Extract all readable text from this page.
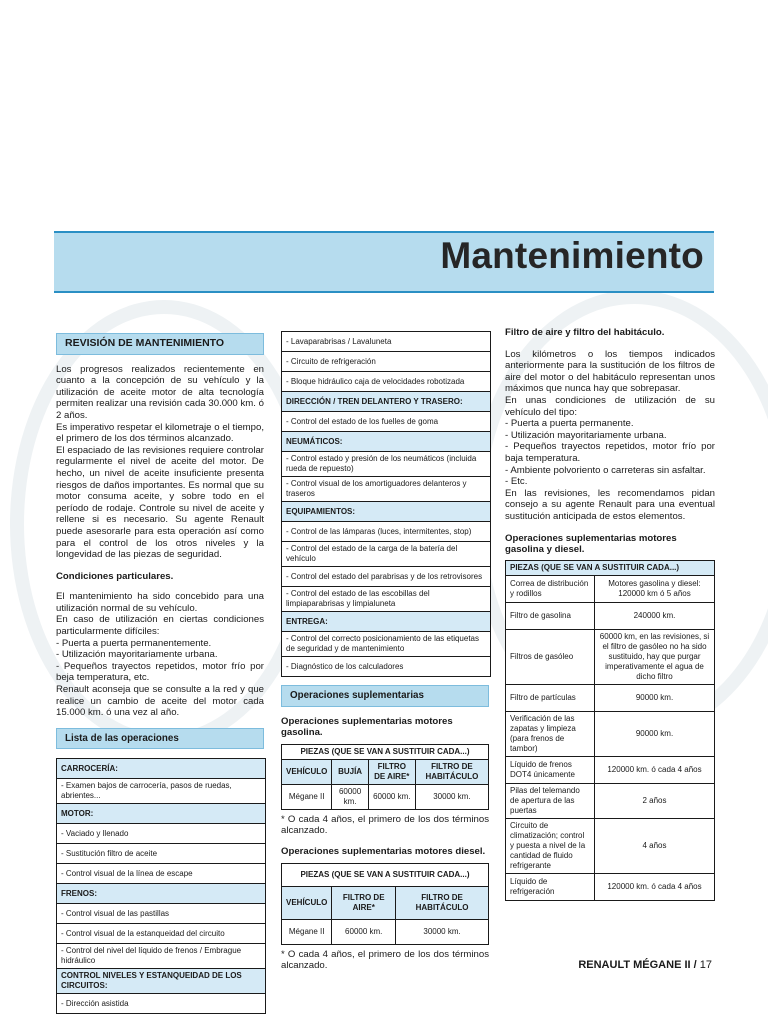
Mantenimiento
REVISIÓN DE MANTENIMIENTO

Los progresos realizados recientemente en cuanto a la concepción de su vehículo y la utilización de aceite motor de alta tecnología permiten realizar una revisión cada 30.000 km. ó 2 años.

Es imperativo respetar el kilometraje o el tiempo, el primero de los dos términos alcanzado.

El espaciado de las revisiones requiere controlar regularmente el nivel de aceite del motor. De hecho, un nivel de aceite insuficiente presenta riesgos de daños importantes. Es normal que su motor consuma aceite, y sobre todo en el período de rodaje. Controle su nivel de aceite y rellene si es necesario. Su agente Renault puede asesorarle para esta operación así como para el control de los otros niveles y la longevidad de las piezas de seguridad.

Condiciones particulares.

El mantenimiento ha sido concebido para una utilización normal de su vehículo.

En caso de utilización en ciertas condiciones particularmente difíciles:

- Puerta a puerta permanentemente.

- Utilización mayoritariamente urbana.

- Pequeños trayectos repetidos, motor frío por beja temperatura, etc.

Renault aconseja que se consulte a la red y que realice un cambio de aceite del motor cada 15.000 km. ó una vez al año.

Lista de las operaciones
CARROCERÍA:
- Examen bajos de carrocería, pasos de ruedas, abrientes...
MOTOR:
- Vaciado y llenado
- Sustitución filtro de aceite
- Control visual de la línea de escape
FRENOS:
- Control visual de las pastillas
- Control visual de la estanqueidad del circuito
- Control del nivel del líquido de frenos / Embrague hidráulico
CONTROL NIVELES Y ESTANQUEIDAD DE LOS CIRCUITOS:
- Dirección asistida
- Lavaparabrisas / Lavaluneta
- Circuito de refrigeración
- Bloque hidráulico caja de velocidades robotizada
DIRECCIÓN / TREN DELANTERO Y TRASERO:
- Control del estado de los fuelles de goma
NEUMÁTICOS:
- Control estado y presión de los neumáticos (incluida rueda de repuesto)
- Control visual de los amortiguadores delanteros y traseros
EQUIPAMIENTOS:
- Control de las lámparas (luces, intermitentes, stop)
- Control del estado de la carga de la batería del vehículo
- Control del estado del parabrisas y de los retrovisores
- Control del estado de las escobillas del limpiaparabrisas y limpialuneta
ENTREGA:
- Control del correcto posicionamiento de las etiquetas de seguridad y de mantenimiento
- Diagnóstico de los calculadores
Operaciones suplementarias
Operaciones suplementarias motores gasolina.
PIEZAS (QUE SE VAN A SUSTITUIR CADA...)			
VEHÍCULO	BUJÍA	FILTRO DE AIRE*	FILTRO DE HABITÁCULO
Mégane II	60000 km.	60000 km.	30000 km.

* O cada 4 años, el primero de los dos términos alcanzado.

Operaciones suplementarias motores diesel.
PIEZAS (QUE SE VAN A SUSTITUIR CADA...)		
VEHÍCULO	FILTRO DE AIRE*	FILTRO DE HABITÁCULO
Mégane II	60000 km.	30000 km.

* O cada 4 años, el primero de los dos términos alcanzado.

Filtro de aire y filtro del habitáculo.

Los kilómetros o los tiempos indicados anteriormente para la sustitución de los filtros de aire del motor o del habitáculo representan unos máximos que nunca hay que sobrepasar.

En unas condiciones de utilización de su vehículo del tipo:

- Puerta a puerta permanente.

- Utilización mayoritariamente urbana.

- Pequeños trayectos repetidos, motor frío por baja temperatura.

- Ambiente polvoriento o carreteras sin asfaltar.

- Etc.

En las revisiones, les recomendamos pidan consejo a su agente Renault para una eventual sustitución anticipada de estos elementos.

Operaciones suplementarias motores gasolina y diesel.
PIEZAS (QUE SE VAN A SUSTITUIR CADA...)	
Correa de distribución y rodillos	Motores gasolina y diesel: 120000 km ó 5 años
Filtro de gasolina	240000 km.
Filtros de gasóleo	60000 km, en las revisiones, si el filtro de gasóleo no ha sido sustituido, hay que purgar imperativamente el agua de dicho filtro
Filtro de partículas	90000 km.
Verificación de las zapatas y limpieza (para frenos de tambor)	90000 km.
Líquido de frenos DOT4 únicamente	120000 km. ó cada 4 años
Pilas del telemando de apertura de las puertas	2 años
Circuito de climatización; control y puesta a nivel de la cantidad de fluido refrigerante	4 años
Líquido de refrigeración	120000 km. ó cada 4 años
RENAULT MÉGANE II / 17
